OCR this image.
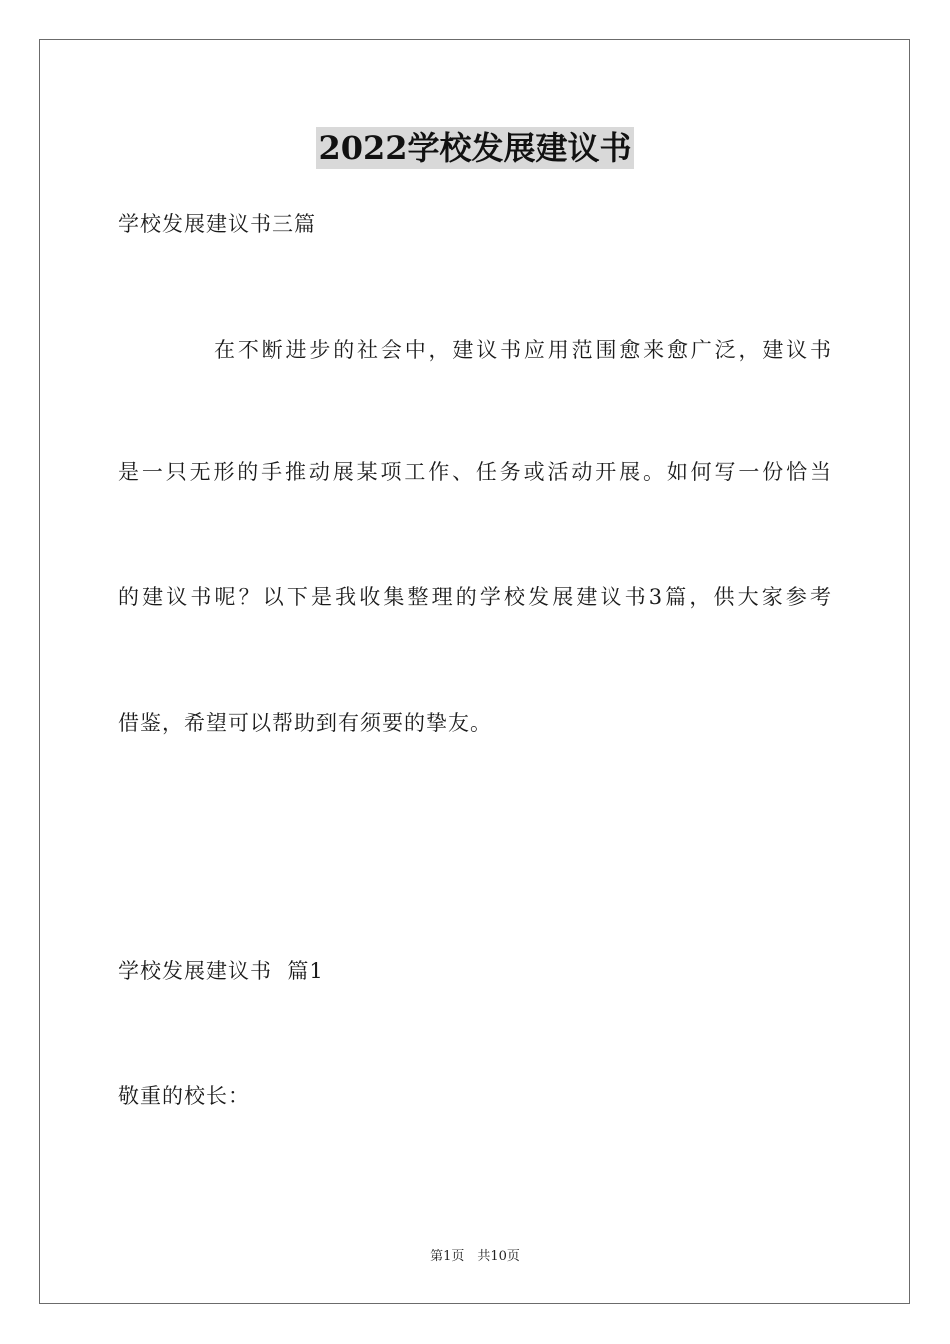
2022学校发展建议书
学校发展建议书三篇
在不断进步的社会中，建议书应用范围愈来愈广泛，建议书
是一只无形的手推动展某项工作、任务或活动开展。如何写一份恰当
的建议书呢？以下是我收集整理的学校发展建议书3篇，供大家参考
借鉴，希望可以帮助到有须要的挚友。
学校发展建议书  篇1
敬重的校长：
第1页　共10页
